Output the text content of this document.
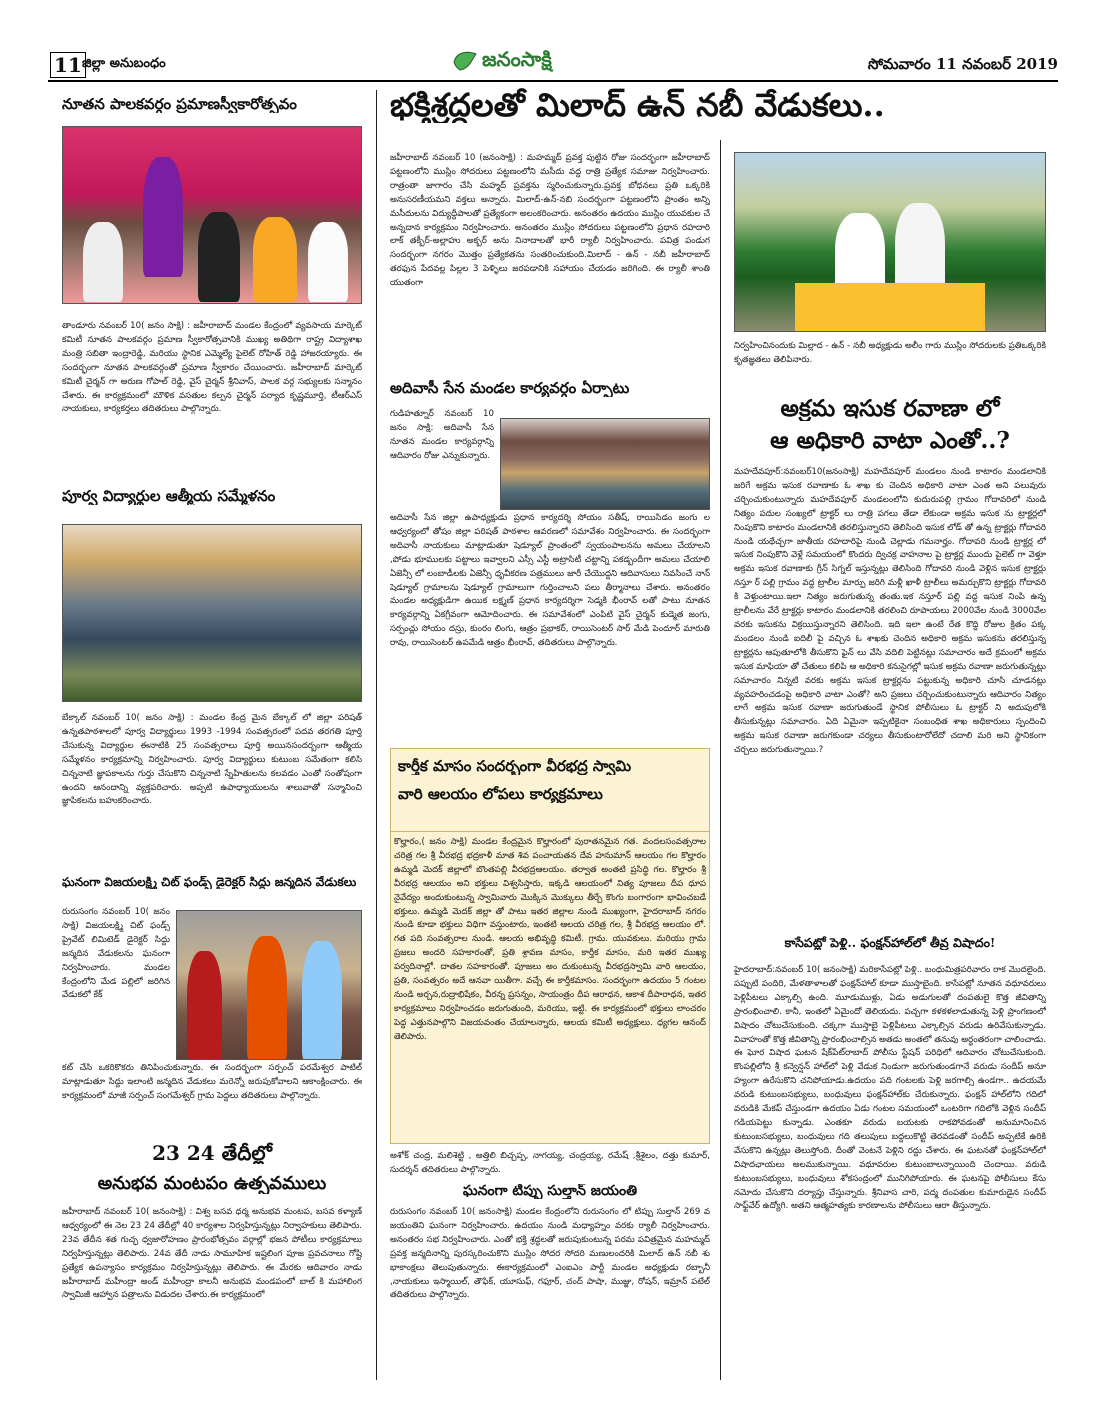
11 జిల్లా అనుబంధం	జనంసాక్షి	సోమవారం 11 నవంబర్ 2019
నూతన పాలకవర్గం ప్రమాణస్వీకారోత్సవం
తాండూరు నవంబర్ 10( జనం సాక్షి) : జహీరాబాద్ మండల కేంద్రంలో వ్యవసాయ మార్కెట్ కమిటీ నూతన పాలకవర్గం ప్రమాణ స్వీకారోత్సవానికి ముఖ్య అతిథిగా రాష్ట్ర విద్యాశాఖ మంత్రి సబితా ఇంద్రారెడ్డి, మరియు స్థానిక ఎమ్మెల్యే పైలెట్ రోహిత్ రెడ్డి హాజరయ్యారు. ఈ సందర్భంగా నూతన పాలకవర్గంతో ప్రమాణ స్వీకారం చేయించారు. జహీరాబాద్ మార్కెట్ కమిటీ చైర్మన్ గా అరుణ గోపాల్ రెడ్డి, వైస్ చైర్మన్ శ్రీనివాస్, పాలక వర్గ సభ్యులకు సన్మానం చేశారు. ఈ కార్యక్రమంలో మౌళిక వసతుల కల్పన చైర్మన్ పర్యాద కృష్ణమూర్తి, టీఆర్ఎస్ నాయకులు, కార్యకర్తలు తదితరులు పాల్గొన్నారు.
పూర్వ విద్యార్థుల ఆత్మీయ సమ్మేళనం
బేక్కాల్ నవంబర్ 10( జనం సాక్షి) : మండల కేంద్ర మైన బేక్కాల్ లో జిల్లా పరిషత్ ఉన్నతపాఠశాలలో పూర్వ విద్యార్థులు 1993 -1994 సంవత్సరంలో పదవ తరగతి పూర్తి చేసుకున్న విద్యార్థుల ఈనాటికి 25 సంవత్సరాలు పూర్తి అయినసందర్బంగా ఆత్మీయ సమ్మేళనం కార్యక్రమాన్ని నిర్వహించారు. పూర్వ విద్యార్థులు కుటుంబ సమేతంగా కలిసి చిన్ననాటి జ్ఞాపకాలను గుర్తు చేసుకొని చిన్ననాటి స్నేహితులను కలవడం ఎంతో సంతోషంగా ఉందని ఆనందాన్ని వ్యక్తపరిచారు. అప్పటి ఉపాధ్యాయులను శాలువాతో సన్మానించి జ్ఞాపికలను బహుకరించారు.
ఘనంగా విజయలక్ష్మి చిట్ ఫండ్స్ డైరెక్టర్ సిద్దు జన్మదిన వేడుకలు
రురుసంగం నవంబర్ 10( జనం సాక్షి) విజయలక్ష్మి చిట్ ఫండ్స్ ప్రైవేట్ లిమిటెడ్ డైరెక్టర్ సిద్దు జన్మదిన వేడుకలను ఘనంగా నిర్వహించారు. మండల కేంద్రంలోని మేడ పల్లిలో జరిగిన వేడుకలో కేక్
కట్ చేసి ఒకరికొకరు తినిపించుకున్నారు. ఈ సందర్భంగా సర్పంచ్ పరమేశ్వర పాటిల్ మాట్లాడుతూ సిద్దు ఇలాంటి జన్మదిన వేడుకలు మరెన్నో జరుపుకోవాలని ఆకాంక్షించారు. ఈ కార్యక్రమంలో మాజీ సర్పంచ్ సంగమేశ్వర్ గ్రామ పెద్దలు తదితరులు పాల్గొన్నారు.
23 24 తేదీల్లో
అనుభవ మంటపం ఉత్సవములు
జహీరాబాద్ నవంబర్ 10( జనంసాక్షి) : విశ్వ బసవ ధర్మ అనుభవ మంటప, బసవ కళ్యాణ్ ఆధ్వర్యంలో ఈ నెల 23 24 తేదీల్లో 40 కార్యశాల నిర్వహిస్తున్నట్లు నిర్వాహకులు తెలిపారు. 23వ తేదీన శత గుచ్ఛ ధ్వజారోహణం ప్రారంభోత్సవం వర్గాల్లో భజన పోటీలు కార్యక్రమాలు నిర్వహిస్తున్నట్లు తెలిపారు. 24వ తేదీ నాడు సామూహిక ఇష్టలింగ పూజ ప్రవచనాలు గోష్టి ప్రత్యేక ఉపన్యాసం కార్యక్రమం నిర్వహిస్తున్నట్లు తెలిపారు. ఈ మేరకు ఆదివారం నాడు జహీరాబాద్ మహీంద్రా అండ్ మహీంద్రా కాలనీ అనుభవ మండపంలో బాల్ కి మహాలింగ స్వామిజీ ఆహ్వాన పత్రాలను విడుదల చేశారు.ఈ కార్యక్రమంలో
భక్తిశ్రద్ధలతో మిలాద్ ఉన్ నబీ వేడుకలు..
జహీరాబాద్ నవంబర్ 10 (జనంసాక్షి) : మహమ్మద్ ప్రవక్త పుట్టిన రోజు సందర్భంగా జహీరాబాద్ పట్టణంలోని ముస్లిం సోదరులు పట్టణంలోని మసీదు వద్ద రాత్రి ప్రత్యేక సమాజు నిర్వహించారు. రాత్రంతా జాగారం చేసి మహ్మద్ ప్రవక్తను స్మరించుకున్నారు.ప్రవక్త బోధనలు ప్రతి ఒక్కరికి అనుసరణీయమని వక్తలు అన్నారు. మిలాద్-ఉన్-నబి సందర్భంగా పట్టణంలోని ప్రాంతం అన్ని మసీదులను విద్యుద్దీపాలతో ప్రత్యేకంగా అలంకరించారు. అనంతరం ఉదయం ముస్లిం యువకుల చే అన్నదాన కార్యక్రమం నిర్వహించారు. అనంతరం ముస్లిం సోదరులు పట్టణంలోని ప్రధాన రహదారి లాక్ తక్బీర్-అల్లాహు అక్బర్ అను నినాదాలతో భారీ ర్యాలీ నిర్వహించారు. పవిత్ర పండుగ సందర్భంగా నగరం మొత్తం ప్రత్యేకతను సంతరించుకుంది.మిలాద్ - ఉన్ - నబీ జహీరాబాద్ తరఫున పేదవల్ల పిల్లల 3 పెళ్ళిలు జరపడానికి సహాయం చేయడం జరిగింది. ఈ ర్యాలీ శాంతి యుతంగా
నిర్వహించినందుకు మిల్లాద - ఉన్ - నబీ అధ్యక్షుడు అలీం గారు ముస్లిం సోదరులకు ప్రతిఒక్కరికి కృతజ్ఞతలు తెలిపినారు.
అదివాసీ సేన మండల కార్యవర్గం ఏర్పాటు
గుడిహత్నూర్ నవంబర్ 10 జనం సాక్షి: అదివాసీ సేన నూతన మండల కార్యవర్గాన్ని ఆదివారం రోజు ఎన్నుకున్నారు.
అదివాసీ సేన జిల్లా ఉపాధ్యక్షుడు ప్రధాన కార్యదర్శి సోయం సతీష్, రాయిసిడం జంగు ల ఆధ్వర్యంలో తోషం జిల్లా పరిషత్ పాఠశాల ఆవరణలో సమావేశం నిర్వహించారు. ఈ సందర్భంగా అదివాసీ నాయకులు మాట్లాడుతూ షెడ్యూల్ ప్రాంతంలో స్వయంపాలనను అమలు చేయాలని ,పోడు భూములకు పట్టాలు ఇవ్వాలని ఎస్సీ ఎస్టీ అట్రాసిటీ చట్టాన్ని పకడ్బందీగా అమలు చేయాలి ఏజెన్సీ లో లంబాడీలకు ఏజెన్సీ ధృవీకరణ పత్రములు జారీ చేయొద్దని ఆదివాసులు నివసించే నాన్ షెడ్యూల్ గ్రామాలను షెడ్యూల్ గ్రామాలుగా గుర్తించాలని పలు తీర్మానాలు చేశారు. అనంతరం మండల అధ్యక్షుడిగా ఉయిక లక్ష్మణ్ ప్రధాన కార్యదర్శిగా సెడ్మకి భీంరావ్ లతో పాటు నూతన కార్యవర్గాన్ని ఏకగ్రీవంగా ఆమోదించారు. ఈ సమావేశంలో ఎంపిటి వైస్ చైర్మన్ కుడ్మెత జంగు, సర్పంచ్లు సోయం దస్రు, కుంరం లింగు, ఆత్రం ప్రభాకర్, రాయిసెంటర్ సార్ మేడి పెందూర్ మారుతి రావు, రాయిసెంటర్ ఉపమేడి ఆత్రం భీంరావ్, తదితరులు పాల్గొన్నారు.
కార్తీక మాసం సందర్భంగా వీరభద్ర స్వామి
వారి ఆలయం లోపలు కార్యక్రమాలు
కొల్హారం,( జనం సాక్షి) మండల కేంద్రమైన కొల్హారంలో పురాతనమైన గత. వందలసంవత్సరాల చరిత్ర గల శ్రీ వీరభద్ర భద్రకాళీ మాత శివ పంచాయతన దేవ హనుమాన్ ఆలయం గల కొల్హారం ఉమ్మడి మెదక్ జిల్లాలో బొంతపల్లి వీరభద్రఆలయం. తర్వాత అంతటి ప్రసిద్ధి గల. కొల్హారం శ్రీ వీరభద్ర ఆలయం అని భక్తులు విశ్వసిస్తారు, ఇక్కడి ఆలయంలో నిత్య పూజలు దీప ధూప నైవేద్యం అందుకుంటున్న స్వామివారు మొక్కిన మొక్కులు తీర్చే కొంగు బంగారంగా భావించబడే భక్తులు. ఉమ్మడి మెదక్ జిల్లా తో పాటు ఇతర జిల్లాల నుండి ముఖ్యంగా, హైదరాబాద్ నగరం నుండి కూడా భక్తులు విధిగా వస్తుంటారు, ఇంతటి ఆలయ చరిత్ర గల, శ్రీ వీరభద్ర ఆలయం లో. గత పది సంవత్సరాల నుండి. ఆలయ అభివృద్ధి కమిటీ. గ్రామ. యువకులు. మరియు గ్రామ ప్రజలు అందరి సహకారంతో, ప్రతి శ్రావణ మాసం, కార్తీక మాసం, మరి ఇతర ముఖ్య పర్వదినాల్లో. దాతల సహకారంతో. పూజలు అం దుకుంటున్న వీరభద్రస్వామి వారి ఆలయం, ప్రతి, సంవత్సరం అదే ఆనవా యితీగా. వచ్చే ఈ కార్తీకమాసం. సందర్భంగా ఉదయం 5 గంటల నుండి అర్చన,రుద్రాభిషేకం, వీరన్న ప్రసన్నం, సాయంత్రం దీప ఆరాధన, ఆకాశ దీపారాధన, ఇతర కార్యక్రమాలు నిర్వహించడం జరుగుతుంది, మరియు, ఇట్టి. ఈ కార్యక్రమంలో భక్తులు లాంచరం పెద్ద ఎత్తునపాల్గొని విజయవంతం చేయాలన్నారు, ఆలయ కమిటీ అధ్యక్షులు. ధ్యగల ఆనంద్ తెలిపారు.
అశోక్ చంద్ర, మలిశెట్టి , అత్తిలి బిచ్చప్ప, నాగయ్య, చంద్రయ్య, రమేష్ ,శ్రీశైలం, దత్తు కుమార్, సుదర్శన్ తదితరులు పాల్గొన్నారు.
ఘనంగా టిప్పు సుల్తాన్ జయంతి
రురుసంగం నవంబర్ 10( జనంసాక్షి) మండల కేంద్రంలోని రురుసంగం లో టిప్పు సుల్తాన్ 269 వ జయంతిని ఘనంగా నిర్వహించారు. ఉదయం నుండి మధ్యాహ్నం వరకు ర్యాలీ నిర్వహించారు. అనంతరం సభ నిర్వహించారు. ఎంతో భక్తి శ్రద్ధలతో జరుపుకుంటున్న పరమ పవిత్రమైన మహమ్మద్ ప్రవక్త జన్మదినాన్ని పురస్కరించుకొని ముస్లిం సోదర సోదరి మణులందరికి మిలాద్ ఉన్ నబీ శు భాకాంక్షలు తెలుపుతున్నారు. ఈకార్యక్రమంలో ఎంఐఎం పార్టీ మండల అధ్యక్షుడు రబ్బానీ ,నాయకులు ఇస్మాయిల్, తౌఫిక్, యూసుఫ్, గఫూర్, చంద్ పాషా, ముజ్జు, రోషన్, ఇమ్రాన్ పటేల్ తదితరులు పాల్గొన్నారు.
అక్రమ ఇసుక రవాణా లో
ఆ అధికారి వాటా ఎంతో..?
మహదేవపూర్:నవంబర్10(జనంసాక్షి) మహదేవపూర్ మండలం నుండి కాటారం మండలానికి జరిగే అక్రమ ఇసుక రవాణాకు ఓ శాఖ కు చెందిన అధికారి వాటా ఎంత అని పలువురు చర్చించుకుంటున్నారు మహదేవపూర్ మండలంలోని కుదురుపల్లి గ్రామం గోదావరిలో నుండి నిత్యం పదుల సంఖ్యలో ట్రాక్టర్ లు రాత్రి పగలు తేడా లేకుండా అక్రమ ఇసుక ను ట్రాక్టర్లలో నింపుకొని కాటారం మండలానికి తరలిస్తున్నారని తెలిసింది ఇసుక లోడ్ తో ఉన్న ట్రాక్టర్లు గోదావరి నుండి యథేచ్ఛగా జాతీయ రహదారిపై నుండి చెల్లాడు గమనార్హం. గోదావరి నుండి ట్రాక్టర్ల లో ఇసుక నింపుకొని వెళ్లే సమయంలో కొందరు ద్విచక్ర వాహనాల పై ట్రాక్టర్ల ముందు పైలెట్ గా వెళ్తూ అక్రమ ఇసుక రవాణాకు గ్రీన్ సిగ్నల్ ఇస్తున్నట్లు తెలిసింది గోదావరి నుండి వెళ్లిన ఇసుక ట్రాక్టర్లు నస్తూ ర్ పల్లి గ్రామం వద్ద ట్రాలీల మార్పు జరిగి మళ్లీ ఖాళీ ట్రాలీలు అమర్చుకొని ట్రాక్టర్లు గోదావరి కి వెళ్తుంటాయి.ఇలా నిత్యం జరుగుతున్న తంతు.ఇక నస్తూర్ పల్లి వద్ద ఇసుక నింపి ఉన్న ట్రాలీలను వేరే ట్రాక్టర్లు కాటారం మండలానికి తరలించి రూపాయలు 2000వేల నుండి 3000వేల వరకు ఇసుకను విక్రయిస్తున్నారని తెలిసింది. ఇది ఇలా ఉంటే రేత కొద్ది రోజుల క్రితం పక్క మండలం నుండి ఐదిలీ పై వచ్చిన ఓ శాఖకు చెందిన అధికారి అక్రమ ఇసుకను తరలిస్తున్న ట్రాక్టర్లను ఆపుతూలోకి తీసుకొని ఫైన్ లు వేసి వదిలి పెట్టినట్లు సమాచారం అదే క్రమంలో అక్రమ ఇసుక మాఫియా తో చేతులు కలిపి ఆ అధికారి కనుసైగల్లో ఇసుక అక్రమ రవాణా జరుగుతున్నట్లు సమాచారం నిన్నటి వరకు అక్రమ ఇసుక ట్రాక్టర్లను పట్టుకున్న అధికారి చూసి చూడనట్లు వ్యవహరించడంపై అధికారి వాటా ఎంతో? అని ప్రజలు చర్చించుకుంటున్నారు ఆదివారం నిత్యం లాగే అక్రమ ఇసుక రవాణా జరుగుతుండే స్థానిక పోలీసులు ఓ ట్రాక్టర్ ని అదుపులోకి తీసుకున్నట్లు సమాచారం. ఏది ఏమైనా ఇప్పటికైనా సంబంధిత శాఖ అధికారులు స్పందించి అక్రమ ఇసుక రవాణా జరుగకుండా చర్యలు తీసుకుంటారోలేదో చదాలి మరి అని స్థానికంగా చర్చలు జరుగుతున్నాయి.?
కాసేపట్లో పెళ్లి.. ఫంక్షన్‌హాల్‌లో తీవ్ర విషాదం!
హైదరాబాద్:నవంబర్ 10( జనంసాక్షి) మరికాసేపట్లో పెళ్లి.. బంధుమిత్రపరివారం రాక మొదలైంది. పప్పుటి పందిరి, మేళతాళాలతో ఫంక్షన్‌హాల్ కూడా ముస్తాబైంది. కాసేపట్లో నూతన వధూవరులు పెళ్లిపీటలు ఎక్కాల్సి ఉంది. మూడుముళ్లు, ఏడు అడుగులతో దంపతులై కొత్త జీవితాన్ని ప్రారంభించాలి. కానీ, ఇంతలో ఏమైందో తెలియదు. పచ్చగా కళకళలాడుతున్న పెళ్లి ప్రాంగణంలో విషాదం చోటుచేసుకుంది. చక్కగా ముస్తాబై పెళ్లిపీటలు ఎక్కాల్సిన వరుడు ఉరివేసుకున్నాడు. వివాహంతో కొత్త జీవితాన్ని ప్రారంభించాల్సిన అతడు అంతలో తనువు అర్ధంతరంగా చాలించాడు. ఈ ఘోర విషాద ఘటన షేక్‌పేట్‌రాబాద్ పోలీసు స్టేషన్ పరిధిలో ఆదివారం చోటుచేసుకుంది. కొంపల్లిలోని శ్రీ కన్వెన్షన్ హాల్‌లో పెళ్లి వేడుక నిండుగా జరుగుతుండగానే వరుడు సందీప్ అనూ హ్యంగా ఉరేసుకొని చనిపోయాడు.ఉదయం పది గంటలకు పెళ్లి జరగాల్సి ఉండగా.. ఉదయమే వరుడి కుటుంబసభ్యులు, బంధువులు ఫంక్షన్‌హాల్‌కు చేరుకున్నారు. ఫంక్షన్ హాల్‌లోని గదిలో వరుడికి మేకప్ చేస్తుండగా ఉదయం ఏడు గంటల సమయంలో ఒంటరిగా గదిలోకి వెళ్లిన సందీప్ గడియపెట్టు కున్నాడు. ఎంతకూ వరుడు బయటకు రాకపోవడంతో అనుమానించిన కుటుంబసభ్యులు, బంధువులు గది తలుపులు బద్దలుకొట్టి తెరవడంతో సందీప్ అప్పటికే ఉరికి వేసుకొని ఉన్నట్లు తెలుస్తోంది. దీంతో వెంటనే పెళ్లిని రద్దు చేశారు. ఈ ఘటనతో ఫంక్షన్‌హాల్‌లో విషాదఛాయలు అలముకున్నాయి. వధూవరుల కుటుంబాలన్నాయింది చెందాయి. వరుడి కుటుంబసభ్యులు, బంధువులు శోకసంద్రంలో మునిగిపోయారు. ఈ ఘటనపై పోలీసులు కేసు నమోదు చేసుకొని దర్యాప్తు చేస్తున్నారు. శ్రీనివాస చారి, పద్మ దంపతుల కుమారుడైన సందీప్ సాఫ్ట్‌వేర్ ఉద్యోగి. అతని ఆత్మహత్యకు కారణాలను పోలీసులు ఆరా తీస్తున్నారు.
